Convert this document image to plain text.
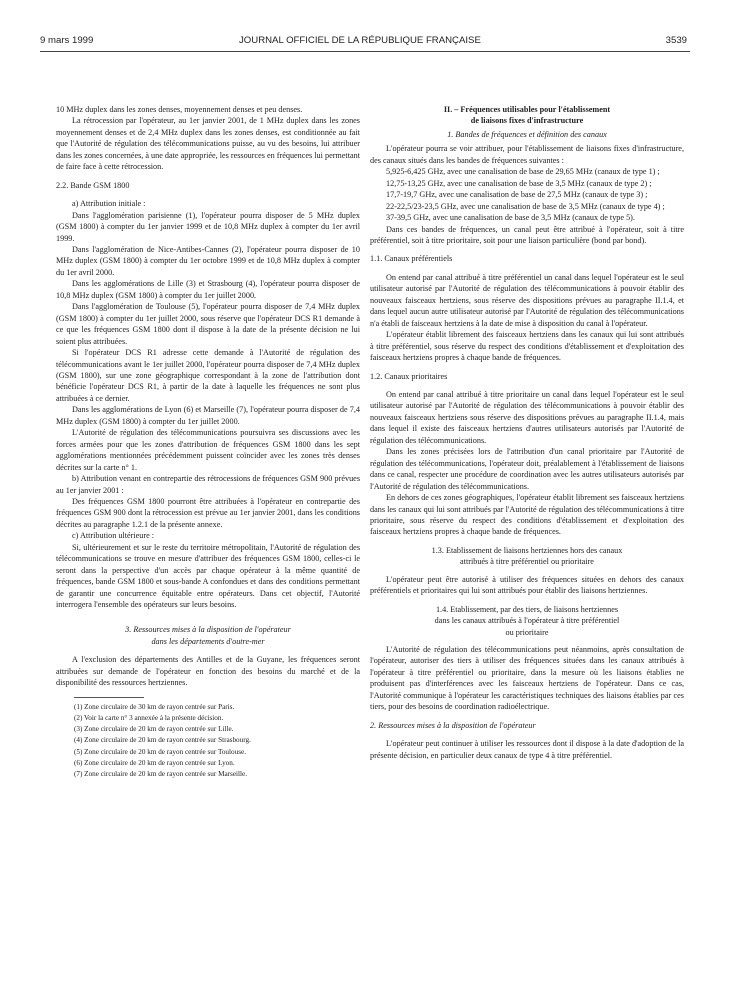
9 mars 1999	JOURNAL OFFICIEL DE LA RÉPUBLIQUE FRANÇAISE	3539

10 MHz duplex dans les zones denses, moyennement denses et peu denses.

La rétrocession par l'opérateur, au 1er janvier 2001, de 1 MHz duplex dans les zones moyennement denses et de 2,4 MHz duplex dans les zones denses, est conditionnée au fait que l'Autorité de régulation des télécommunications puisse, au vu des besoins, lui attribuer dans les zones concernées, à une date appropriée, les ressources en fréquences lui permettant de faire face à cette rétrocession.

2.2. Bande GSM 1800

a) Attribution initiale :

Dans l'agglomération parisienne (1), l'opérateur pourra disposer de 5 MHz duplex (GSM 1800) à compter du 1er janvier 1999 et de 10,8 MHz duplex à compter du 1er avril 1999.

Dans l'agglomération de Nice-Antibes-Cannes (2), l'opérateur pourra disposer de 10 MHz duplex (GSM 1800) à compter du 1er octobre 1999 et de 10,8 MHz duplex à compter du 1er avril 2000.

Dans les agglomérations de Lille (3) et Strasbourg (4), l'opérateur pourra disposer de 10,8 MHz duplex (GSM 1800) à compter du 1er juillet 2000.

Dans l'agglomération de Toulouse (5), l'opérateur pourra disposer de 7,4 MHz duplex (GSM 1800) à compter du 1er juillet 2000, sous réserve que l'opérateur DCS R1 demande à ce que les fréquences GSM 1800 dont il dispose à la date de la présente décision ne lui soient plus attribuées.

Si l'opérateur DCS R1 adresse cette demande à l'Autorité de régulation des télécommunications avant le 1er juillet 2000, l'opérateur pourra disposer de 7,4 MHz duplex (GSM 1800), sur une zone géographique correspondant à la zone de l'attribution dont bénéficie l'opérateur DCS R1, à partir de la date à laquelle les fréquences ne sont plus attribuées à ce dernier.

Dans les agglomérations de Lyon (6) et Marseille (7), l'opérateur pourra disposer de 7,4 MHz duplex (GSM 1800) à compter du 1er juillet 2000.

L'Autorité de régulation des télécommunications poursuivra ses discussions avec les forces armées pour que les zones d'attribution de fréquences GSM 1800 dans les sept agglomérations mentionnées précédemment puissent coïncider avec les zones très denses décrites sur la carte n° 1.

b) Attribution venant en contrepartie des rétrocessions de fréquences GSM 900 prévues au 1er janvier 2001 :

Des fréquences GSM 1800 pourront être attribuées à l'opérateur en contrepartie des fréquences GSM 900 dont la rétrocession est prévue au 1er janvier 2001, dans les conditions décrites au paragraphe 1.2.1 de la présente annexe.

c) Attribution ultérieure :

Si, ultérieurement et sur le reste du territoire métropolitain, l'Autorité de régulation des télécommunications se trouve en mesure d'attribuer des fréquences GSM 1800, celles-ci le seront dans la perspective d'un accès par chaque opérateur à la même quantité de fréquences, bande GSM 1800 et sous-bande A confondues et dans des conditions permettant de garantir une concurrence équitable entre opérateurs. Dans cet objectif, l'Autorité interrogera l'ensemble des opérateurs sur leurs besoins.

3. Ressources mises à la disposition de l'opérateur

dans les départements d'outre-mer

A l'exclusion des départements des Antilles et de la Guyane, les fréquences seront attribuées sur demande de l'opérateur en fonction des besoins du marché et de la disponibilité des ressources hertziennes.

(1) Zone circulaire de 30 km de rayon centrée sur Paris.
(2) Voir la carte n° 3 annexée à la présente décision.
(3) Zone circulaire de 20 km de rayon centrée sur Lille.
(4) Zone circulaire de 20 km de rayon centrée sur Strasbourg.
(5) Zone circulaire de 20 km de rayon centrée sur Toulouse.
(6) Zone circulaire de 20 km de rayon centrée sur Lyon.
(7) Zone circulaire de 20 km de rayon centrée sur Marseille.

II. – Fréquences utilisables pour l'établissement

de liaisons fixes d'infrastructure

1. Bandes de fréquences et définition des canaux

L'opérateur pourra se voir attribuer, pour l'établissement de liaisons fixes d'infrastructure, des canaux situés dans les bandes de fréquences suivantes :

5,925-6,425 GHz, avec une canalisation de base de 29,65 MHz (canaux de type 1) ;

12,75-13,25 GHz, avec une canalisation de base de 3,5 MHz (canaux de type 2) ;

17,7-19,7 GHz, avec une canalisation de base de 27,5 MHz (canaux de type 3) ;

22-22,5/23-23,5 GHz, avec une canalisation de base de 3,5 MHz (canaux de type 4) ;

37-39,5 GHz, avec une canalisation de base de 3,5 MHz (canaux de type 5).

Dans ces bandes de fréquences, un canal peut être attribué à l'opérateur, soit à titre préférentiel, soit à titre prioritaire, soit pour une liaison particulière (bond par bond).

1.1. Canaux préférentiels

On entend par canal attribué à titre préférentiel un canal dans lequel l'opérateur est le seul utilisateur autorisé par l'Autorité de régulation des télécommunications à pouvoir établir des nouveaux faisceaux hertziens, sous réserve des dispositions prévues au paragraphe II.1.4, et dans lequel aucun autre utilisateur autorisé par l'Autorité de régulation des télécommunications n'a établi de faisceaux hertziens à la date de mise à disposition du canal à l'opérateur.

L'opérateur établit librement des faisceaux hertziens dans les canaux qui lui sont attribués à titre préférentiel, sous réserve du respect des conditions d'établissement et d'exploitation des faisceaux hertziens propres à chaque bande de fréquences.

1.2. Canaux prioritaires

On entend par canal attribué à titre prioritaire un canal dans lequel l'opérateur est le seul utilisateur autorisé par l'Autorité de régulation des télécommunications à pouvoir établir des nouveaux faisceaux hertziens sous réserve des dispositions prévues au paragraphe II.1.4, mais dans lequel il existe des faisceaux hertziens d'autres utilisateurs autorisés par l'Autorité de régulation des télécommunications.

Dans les zones précisées lors de l'attribution d'un canal prioritaire par l'Autorité de régulation des télécommunications, l'opérateur doit, préalablement à l'établissement de liaisons dans ce canal, respecter une procédure de coordination avec les autres utilisateurs autorisés par l'Autorité de régulation des télécommunications.

En dehors de ces zones géographiques, l'opérateur établit librement ses faisceaux hertziens dans les canaux qui lui sont attribués par l'Autorité de régulation des télécommunications à titre prioritaire, sous réserve du respect des conditions d'établissement et d'exploitation des faisceaux hertziens propres à chaque bande de fréquences.

1.3. Etablissement de liaisons hertziennes hors des canaux

attribués à titre préférentiel ou prioritaire

L'opérateur peut être autorisé à utiliser des fréquences situées en dehors des canaux préférentiels et prioritaires qui lui sont attribués pour établir des liaisons hertziennes.

1.4. Etablissement, par des tiers, de liaisons hertziennes

dans les canaux attribués à l'opérateur à titre préférentiel

ou prioritaire

L'Autorité de régulation des télécommunications peut néanmoins, après consultation de l'opérateur, autoriser des tiers à utiliser des fréquences situées dans les canaux attribués à l'opérateur à titre préférentiel ou prioritaire, dans la mesure où les liaisons établies ne produisent pas d'interférences avec les faisceaux hertziens de l'opérateur. Dans ce cas, l'Autorité communique à l'opérateur les caractéristiques techniques des liaisons établies par ces tiers, pour des besoins de coordination radioélectrique.

2. Ressources mises à la disposition de l'opérateur

L'opérateur peut continuer à utiliser les ressources dont il dispose à la date d'adoption de la présente décision, en particulier deux canaux de type 4 à titre préférentiel.
